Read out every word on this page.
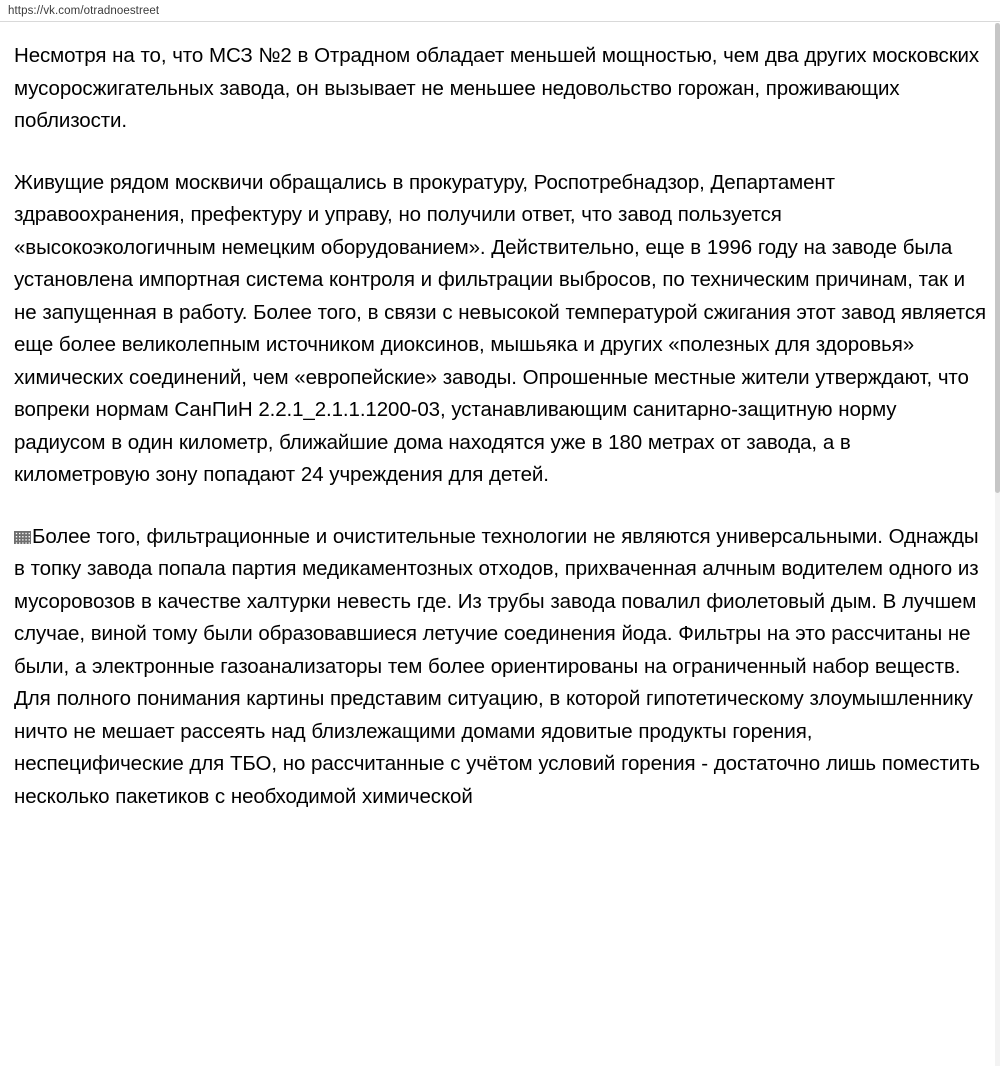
https://vk.com/otradnoestreet

Несмотря на то, что МСЗ №2 в Отрадном обладает меньшей мощностью, чем два других московских мусоросжигательных завода, он вызывает не меньшее недовольство горожан, проживающих поблизости.

Живущие рядом москвичи обращались в прокуратуру, Роспотребнадзор, Департамент здравоохранения, префектуру и управу, но получили ответ, что завод пользуется «высокоэкологичным немецким оборудованием». Действительно, еще в 1996 году на заводе была установлена импортная система контроля и фильтрации выбросов, по техническим причинам, так и не запущенная в работу. Более того, в связи с невысокой температурой сжигания этот завод является еще более великолепным источником диоксинов, мышьяка и других «полезных для здоровья» химических соединений, чем «европейские» заводы. Опрошенные местные жители утверждают, что вопреки нормам СанПиН 2.2.1_2.1.1.1200-03, устанавливающим санитарно-защитную норму радиусом в один километр, ближайшие дома находятся уже в 180 метрах от завода, а в километровую зону попадают 24 учреждения для детей.

Более того, фильтрационные и очистительные технологии не являются универсальными. Однажды в топку завода попала партия медикаментозных отходов, прихваченная алчным водителем одного из мусоровозов в качестве халтурки невесть где. Из трубы завода повалил фиолетовый дым. В лучшем случае, виной тому были образовавшиеся летучие соединения йода. Фильтры на это рассчитаны не были, а электронные газоанализаторы тем более ориентированы на ограниченный набор веществ. Для полного понимания картины представим ситуацию, в которой гипотетическому злоумышленнику ничто не мешает рассеять над близлежащими домами ядовитые продукты горения, неспецифические для ТБО, но рассчитанные с учётом условий горения - достаточно лишь поместить несколько пакетиков с необходимой химической
